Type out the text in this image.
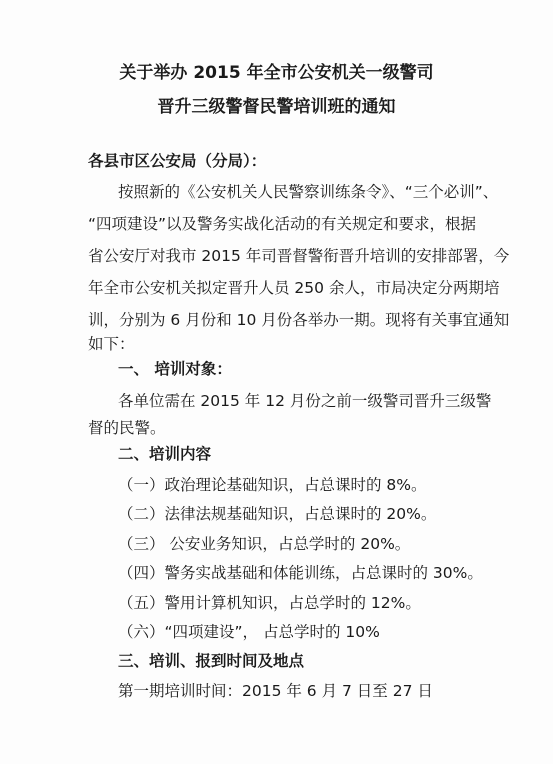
关于举办 2015 年全市公安机关一级警司
晋升三级警督民警培训班的通知
各县市区公安局（分局）：
按照新的《公安机关人民警察训练条令》、“三个必训”、
“四项建设”以及警务实战化活动的有关规定和要求，根据
省公安厅对我市 2015 年司晋督警衔晋升培训的安排部署，今
年全市公安机关拟定晋升人员 250 余人，市局决定分两期培
训，分别为 6 月份和 10 月份各举办一期。现将有关事宜通知
如下：
一、 培训对象：
各单位需在 2015 年 12 月份之前一级警司晋升三级警
督的民警。
二、培训内容
（一）政治理论基础知识，占总课时的 8%。
（二）法律法规基础知识，占总课时的 20%。
（三） 公安业务知识，占总学时的 20%。
（四）警务实战基础和体能训练，占总课时的 30%。
（五）警用计算机知识，占总学时的 12%。
（六）“四项建设”， 占总学时的 10%
三、培训、报到时间及地点
第一期培训时间：2015 年 6 月 7 日至 27 日
